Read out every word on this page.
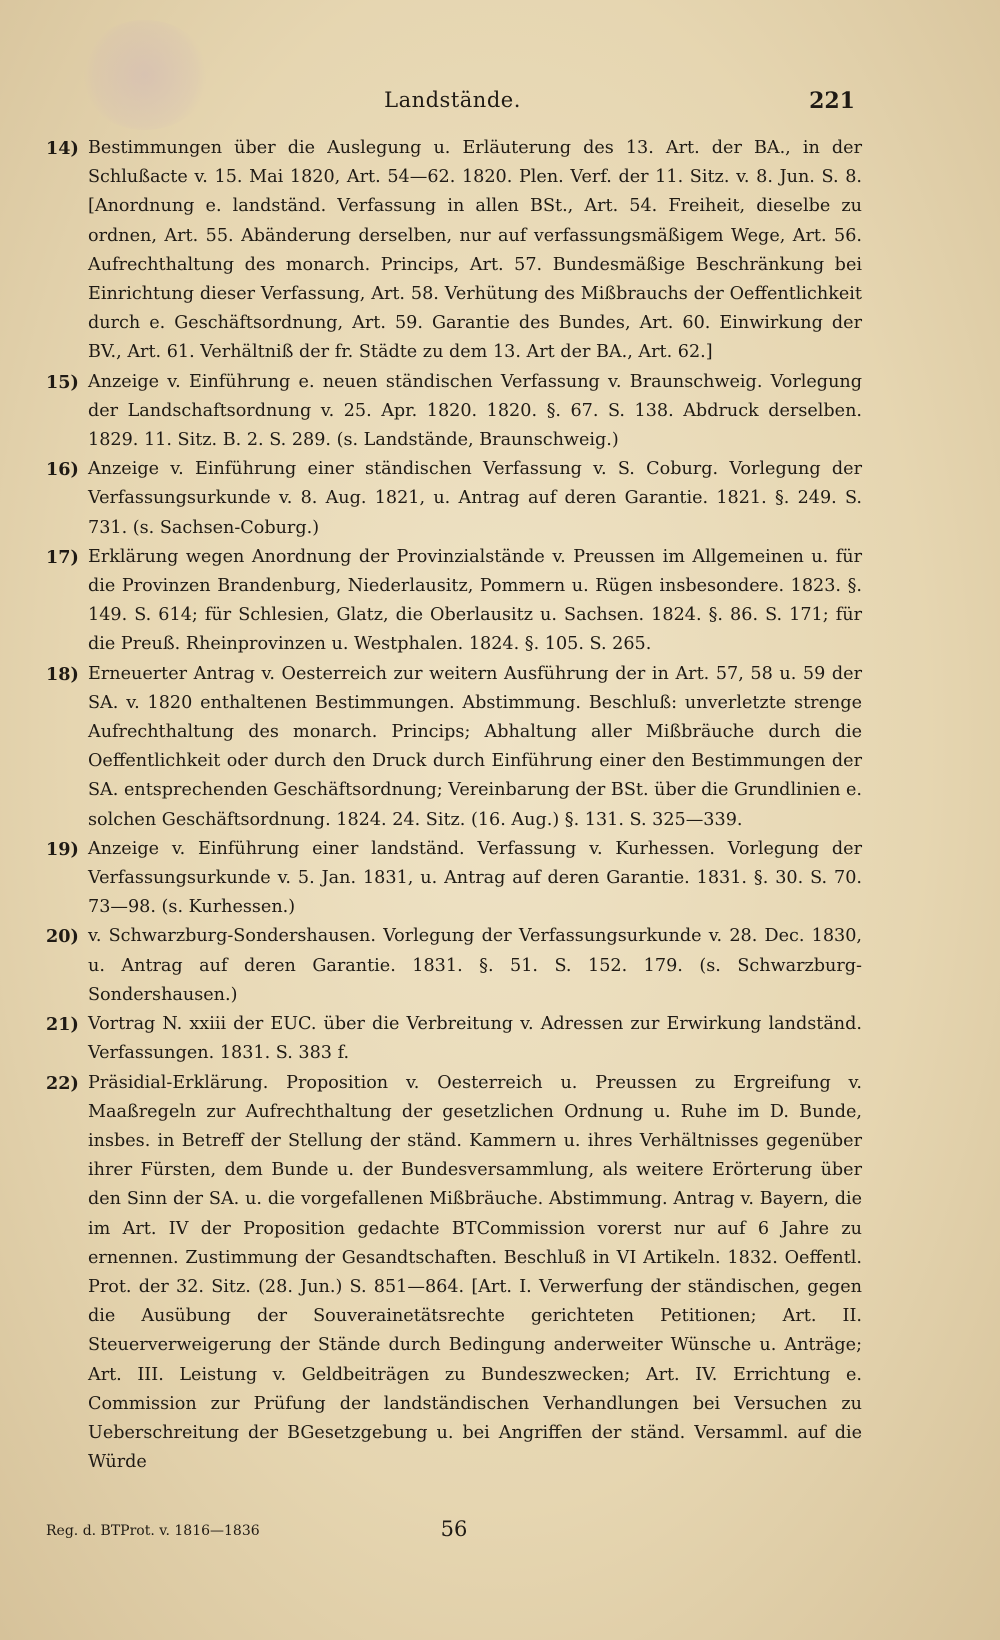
Landstände.	221
14) Bestimmungen über die Auslegung u. Erläuterung des 13. Art. der BA., in der Schlußacte v. 15. Mai 1820, Art. 54—62. 1820. Plen. Verf. der 11. Sitz. v. 8. Jun. S. 8. [Anordnung e. landständ. Verfassung in allen BSt., Art. 54. Freiheit, dieselbe zu ordnen, Art. 55. Abänderung derselben, nur auf verfassungsmäßigem Wege, Art. 56. Aufrechthaltung des monarch. Princips, Art. 57. Bundesmäßige Beschränkung bei Einrichtung dieser Verfassung, Art. 58. Verhütung des Mißbrauchs der Oeffentlichkeit durch e. Geschäftsordnung, Art. 59. Garantie des Bundes, Art. 60. Einwirkung der BV., Art. 61. Verhältniß der fr. Städte zu dem 13. Art der BA., Art. 62.]
15) Anzeige v. Einführung e. neuen ständischen Verfassung v. Braunschweig. Vorlegung der Landschaftsordnung v. 25. Apr. 1820. 1820. §. 67. S. 138. Abdruck derselben. 1829. 11. Sitz. B. 2. S. 289. (s. Landstände, Braunschweig.)
16) Anzeige v. Einführung einer ständischen Verfassung v. S. Coburg. Vorlegung der Verfassungsurkunde v. 8. Aug. 1821, u. Antrag auf deren Garantie. 1821. §. 249. S. 731. (s. Sachsen-Coburg.)
17) Erklärung wegen Anordnung der Provinzialstände v. Preussen im Allgemeinen u. für die Provinzen Brandenburg, Niederlausitz, Pommern u. Rügen insbesondere. 1823. §. 149. S. 614; für Schlesien, Glatz, die Oberlausitz u. Sachsen. 1824. §. 86. S. 171; für die Preuß. Rheinprovinzen u. Westphalen. 1824. §. 105. S. 265.
18) Erneuerter Antrag v. Oesterreich zur weitern Ausführung der in Art. 57, 58 u. 59 der SA. v. 1820 enthaltenen Bestimmungen. Abstimmung. Beschluß: unverletzte strenge Aufrechthaltung des monarch. Princips; Abhaltung aller Mißbräuche durch die Oeffentlichkeit oder durch den Druck durch Einführung einer den Bestimmungen der SA. entsprechenden Geschäftsordnung; Vereinbarung der BSt. über die Grundlinien e. solchen Geschäftsordnung. 1824. 24. Sitz. (16. Aug.) §. 131. S. 325—339.
19) Anzeige v. Einführung einer landständ. Verfassung v. Kurhessen. Vorlegung der Verfassungsurkunde v. 5. Jan. 1831, u. Antrag auf deren Garantie. 1831. §. 30. S. 70. 73—98. (s. Kurhessen.)
20) v. Schwarzburg-Sondershausen. Vorlegung der Verfassungsurkunde v. 28. Dec. 1830, u. Antrag auf deren Garantie. 1831. §. 51. S. 152. 179. (s. Schwarzburg-Sondershausen.)
21) Vortrag N. xxiii der EUC. über die Verbreitung v. Adressen zur Erwirkung landständ. Verfassungen. 1831. S. 383 f.
22) Präsidial-Erklärung. Proposition v. Oesterreich u. Preussen zu Ergreifung v. Maaßregeln zur Aufrechthaltung der gesetzlichen Ordnung u. Ruhe im D. Bunde, insbes. in Betreff der Stellung der ständ. Kammern u. ihres Verhältnisses gegenüber ihrer Fürsten, dem Bunde u. der Bundesversammlung, als weitere Erörterung über den Sinn der SA. u. die vorgefallenen Mißbräuche. Abstimmung. Antrag v. Bayern, die im Art. IV der Proposition gedachte BTCommission vorerst nur auf 6 Jahre zu ernennen. Zustimmung der Gesandtschaften. Beschluß in VI Artikeln. 1832. Oeffentl. Prot. der 32. Sitz. (28. Jun.) S. 851—864. [Art. I. Verwerfung der ständischen, gegen die Ausübung der Souverainetätsrechte gerichteten Petitionen; Art. II. Steuerverweigerung der Stände durch Bedingung anderweiter Wünsche u. Anträge; Art. III. Leistung v. Geldbeiträgen zu Bundeszwecken; Art. IV. Errichtung e. Commission zur Prüfung der landständischen Verhandlungen bei Versuchen zu Ueberschreitung der BGesetzgebung u. bei Angriffen der ständ. Versamml. auf die Würde
Reg. d. BTProt. v. 1816—1836	56
